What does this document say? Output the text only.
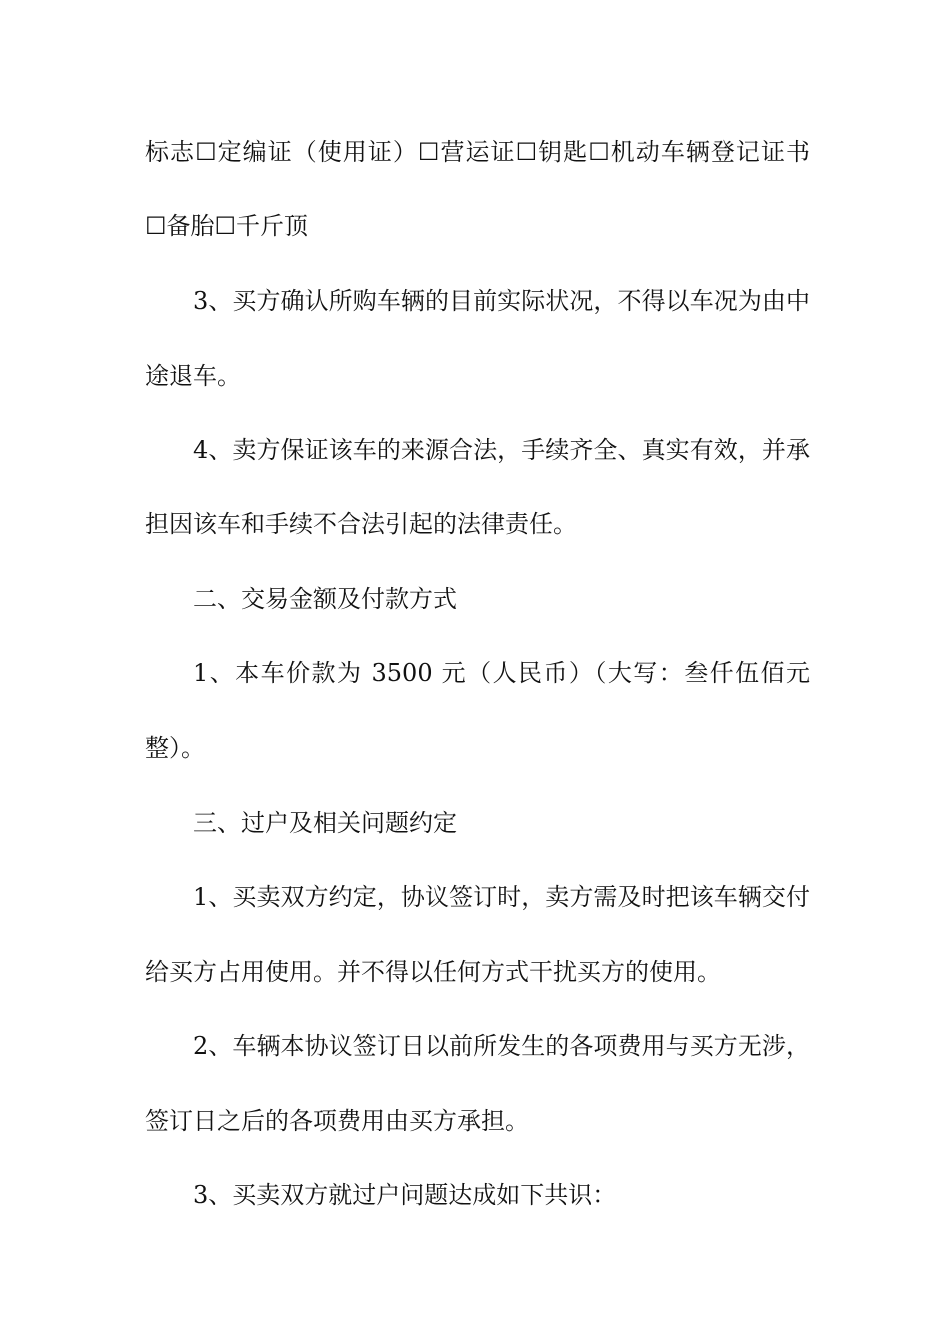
标志☐定编证（使用证）☐营运证☐钥匙☐机动车辆登记证书
☐备胎☐千斤顶
3、买方确认所购车辆的目前实际状况，不得以车况为由中
途退车。
4、卖方保证该车的来源合法，手续齐全、真实有效，并承
担因该车和手续不合法引起的法律责任。
二、交易金额及付款方式
1、本车价款为 3500 元（人民币）（大写：叁仟伍佰元
整）。
三、过户及相关问题约定
1、买卖双方约定，协议签订时，卖方需及时把该车辆交付
给买方占用使用。并不得以任何方式干扰买方的使用。
2、车辆本协议签订日以前所发生的各项费用与买方无涉，
签订日之后的各项费用由买方承担。
3、买卖双方就过户问题达成如下共识：
